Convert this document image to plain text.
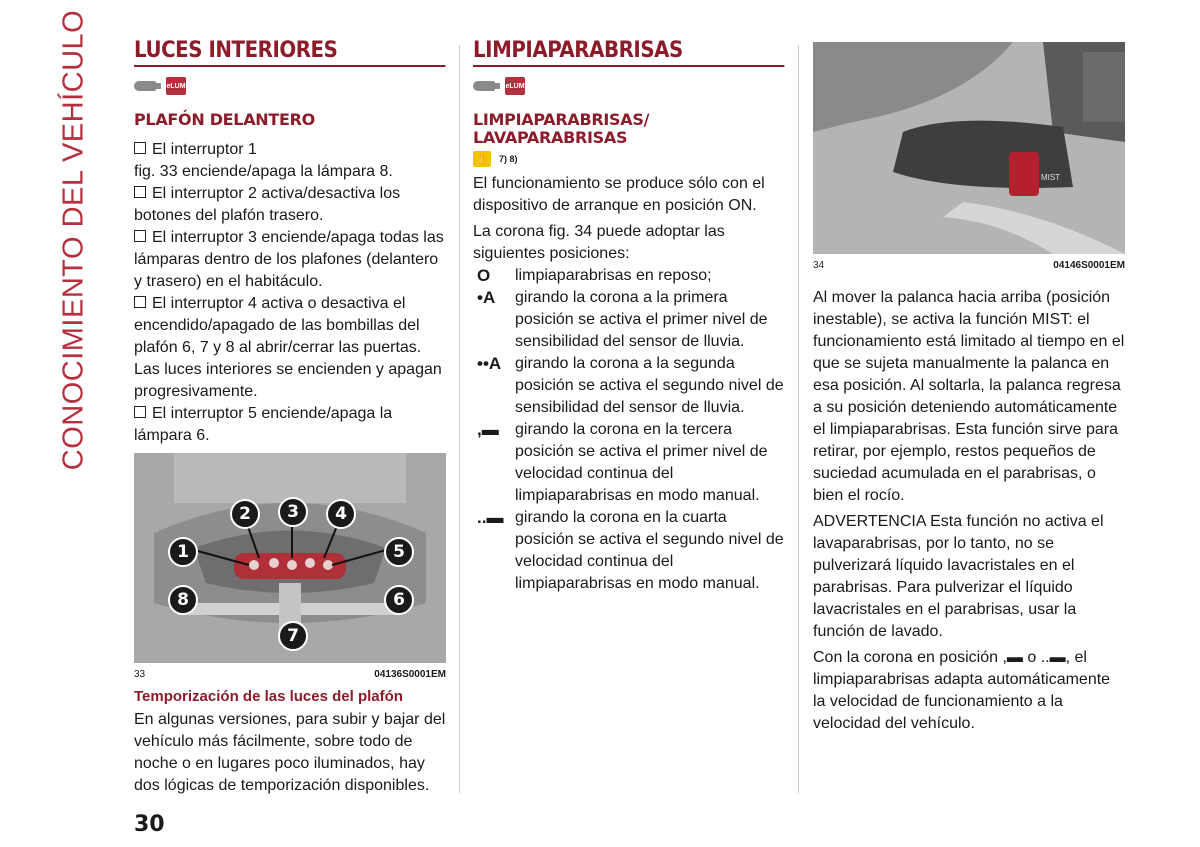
CONOCIMIENTO DEL VEHÍCULO LUCES INTERIORES
eLUM
PLAFÓN DELANTERO

El interruptor 1

fig. 33 enciende/apaga la lámpara 8.

El interruptor 2 activa/desactiva los botones del plafón trasero.

El interruptor 3 enciende/apaga todas las lámparas dentro de los plafones (delantero y trasero) en el habitáculo.

El interruptor 4 activa o desactiva el encendido/apagado de las bombillas del plafón 6, 7 y 8 al abrir/cerrar las puertas. Las luces interiores se encienden y apagan progresivamente.

El interruptor 5 enciende/apaga la lámpara 6.

1
2	3	4
5
6
7
8
33	04136S0001EM
Temporización de las luces del plafón

En algunas versiones, para subir y bajar del vehículo más fácilmente, sobre todo de noche o en lugares poco iluminados, hay dos lógicas de temporización disponibles.

LIMPIAPARABRISAS
eLUM
LIMPIAPARABRISAS/ LAVAPARABRISAS
✋	7) 8)

El funcionamiento se produce sólo con el dispositivo de arranque en posición ON.

La corona fig. 34 puede adoptar las siguientes posiciones:

O	limpiaparabrisas en reposo;
•A	girando la corona a la primera posición se activa el primer nivel de sensibilidad del sensor de lluvia.
••A girando la corona a la segunda posición se activa el segundo nivel de sensibilidad del sensor de lluvia.
,▬	girando la corona en la tercera posición se activa el primer nivel de velocidad continua del limpiaparabrisas en modo manual.
..▬ girando la corona en la cuarta posición se activa el segundo nivel de velocidad continua del limpiaparabrisas en modo manual.
MIST
34	04146S0001EM

Al mover la palanca hacia arriba (posición inestable), se activa la función MIST: el funcionamiento está limitado al tiempo en el que se sujeta manualmente la palanca en esa posición. Al soltarla, la palanca regresa a su posición deteniendo automáticamente el limpiaparabrisas. Esta función sirve para retirar, por ejemplo, restos pequeños de suciedad acumulada en el parabrisas, o bien el rocío.

ADVERTENCIA Esta función no activa el lavaparabrisas, por lo tanto, no se pulverizará líquido lavacristales en el parabrisas. Para pulverizar el líquido lavacristales en el parabrisas, usar la función de lavado.

Con la corona en posición ,▬ o ..▬, el limpiaparabrisas adapta automáticamente la velocidad de funcionamiento a la velocidad del vehículo.

30
